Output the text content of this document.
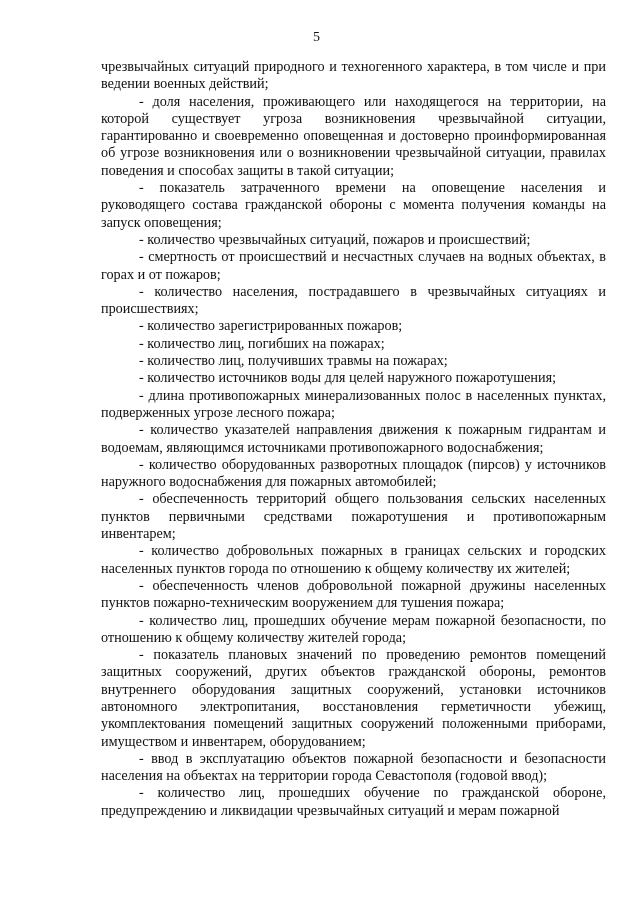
5

чрезвычайных ситуаций природного и техногенного характера, в том числе и при ведении военных действий;

- доля населения, проживающего или находящегося на территории, на которой существует угроза возникновения чрезвычайной ситуации, гарантированно и своевременно оповещенная и достоверно проинформированная об угрозе возникновения или о возникновении чрезвычайной ситуации, правилах поведения и способах защиты в такой ситуации;

- показатель затраченного времени на оповещение населения и руководящего состава гражданской обороны с момента получения команды на запуск оповещения;

- количество чрезвычайных ситуаций, пожаров и происшествий;

- смертность от происшествий и несчастных случаев на водных объектах, в горах и от пожаров;

- количество населения, пострадавшего в чрезвычайных ситуациях и происшествиях;

- количество зарегистрированных пожаров;

- количество лиц, погибших на пожарах;

- количество лиц, получивших травмы на пожарах;

- количество источников воды для целей наружного пожаротушения;

- длина противопожарных минерализованных полос в населенных пунктах, подверженных угрозе лесного пожара;

- количество указателей направления движения к пожарным гидрантам и водоемам, являющимся источниками противопожарного водоснабжения;

- количество оборудованных разворотных площадок (пирсов) у источников наружного водоснабжения для пожарных автомобилей;

- обеспеченность территорий общего пользования сельских населенных пунктов первичными средствами пожаротушения и противопожарным инвентарем;

- количество добровольных пожарных в границах сельских и городских населенных пунктов города по отношению к общему количеству их жителей;

- обеспеченность членов добровольной пожарной дружины населенных пунктов пожарно-техническим вооружением для тушения пожара;

- количество лиц, прошедших обучение мерам пожарной безопасности, по отношению к общему количеству жителей города;

- показатель плановых значений по проведению ремонтов помещений защитных сооружений, других объектов гражданской обороны, ремонтов внутреннего оборудования защитных сооружений, установки источников автономного электропитания, восстановления герметичности убежищ, укомплектования помещений защитных сооружений положенными приборами, имуществом и инвентарем, оборудованием;

- ввод в эксплуатацию объектов пожарной безопасности и безопасности населения на объектах на территории города Севастополя (годовой ввод);

- количество лиц, прошедших обучение по гражданской обороне, предупреждению и ликвидации чрезвычайных ситуаций и мерам пожарной
